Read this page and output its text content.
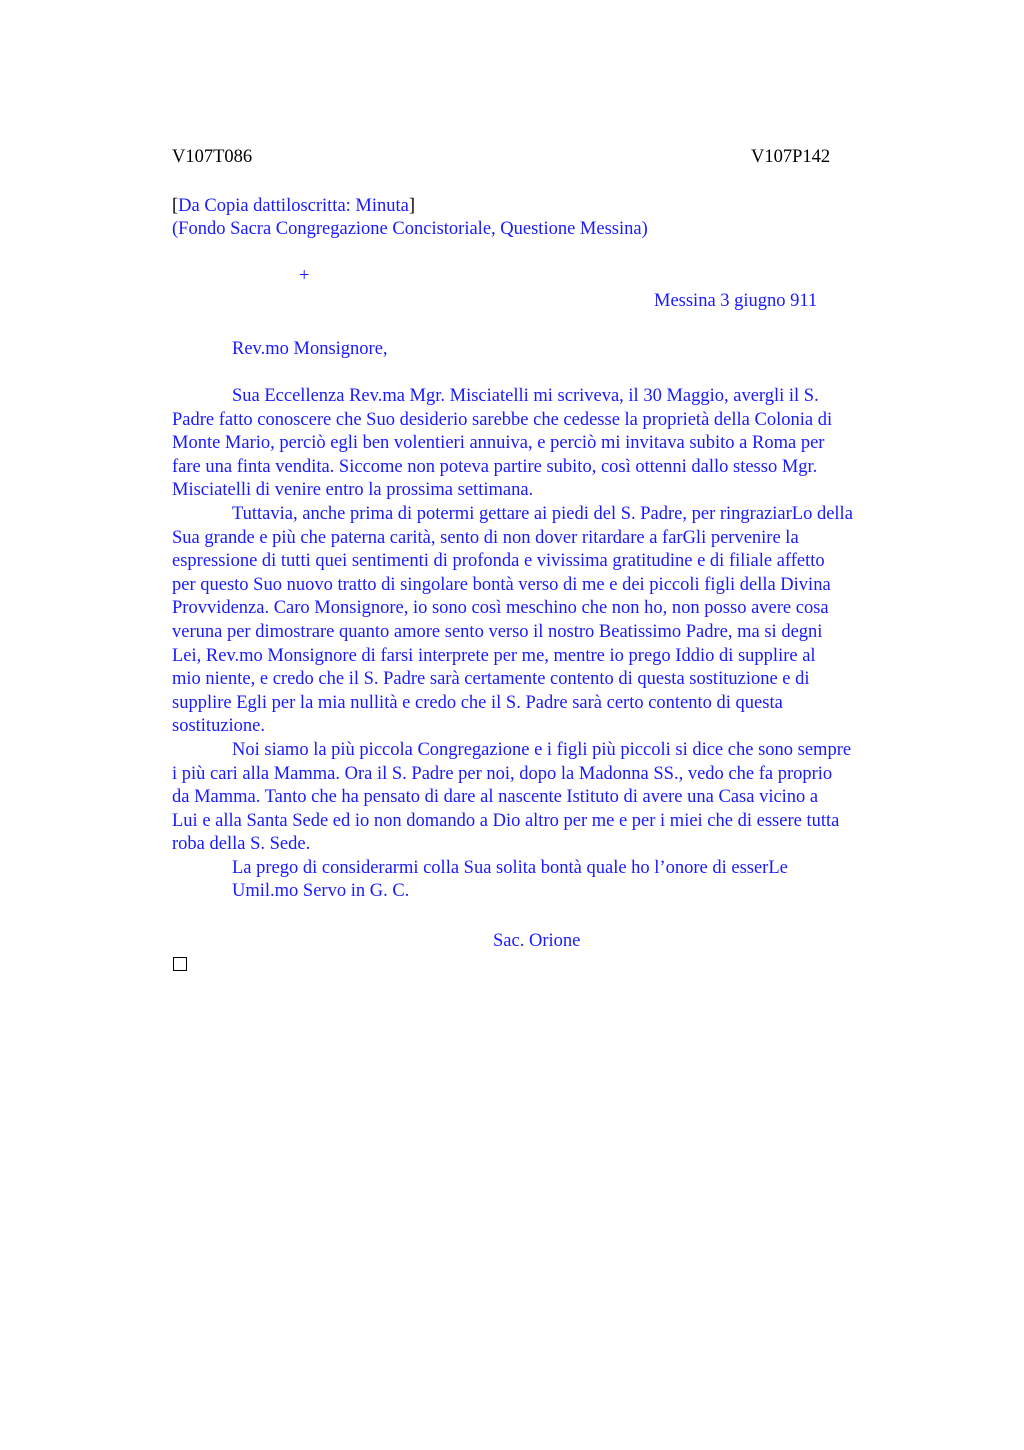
V107T086	V107P142
[Da Copia dattiloscritta: Minuta]
(Fondo Sacra Congregazione Concistoriale, Questione Messina)
+
Messina 3 giugno 911
Rev.mo Monsignore,
Sua Eccellenza Rev.ma Mgr. Misciatelli mi scriveva, il 30 Maggio, avergli il S.
Padre fatto conoscere che Suo desiderio sarebbe che cedesse la proprietà della Colonia di
Monte Mario, perciò egli ben volentieri annuiva, e perciò mi invitava subito a Roma per
fare una finta vendita. Siccome non poteva partire subito, così ottenni dallo stesso Mgr.
Misciatelli di venire entro la prossima settimana.
Tuttavia, anche prima di potermi gettare ai piedi del S. Padre, per ringraziarLo della
Sua grande e più che paterna carità, sento di non dover ritardare a farGli pervenire la
espressione di tutti quei sentimenti di profonda e vivissima gratitudine e di filiale affetto
per questo Suo nuovo tratto di singolare bontà verso di me e dei piccoli figli della Divina
Provvidenza. Caro Monsignore, io sono così meschino che non ho, non posso avere cosa
veruna per dimostrare quanto amore sento verso il nostro Beatissimo Padre, ma si degni
Lei, Rev.mo Monsignore di farsi interprete per me, mentre io prego Iddio di supplire al
mio niente, e credo che il S. Padre sarà certamente contento di questa sostituzione e di
supplire Egli per la mia nullità e credo che il S. Padre sarà certo contento di questa
sostituzione.
Noi siamo la più piccola Congregazione e i figli più piccoli si dice che sono sempre
i più cari alla Mamma. Ora il S. Padre per noi, dopo la Madonna SS., vedo che fa proprio
da Mamma. Tanto che ha pensato di dare al nascente Istituto di avere una Casa vicino a
Lui e alla Santa Sede ed io non domando a Dio altro per me e per i miei che di essere tutta
roba della S. Sede.
La prego di considerarmi colla Sua solita bontà quale ho l’onore di esserLe
Umil.mo Servo in G. C.
Sac. Orione
